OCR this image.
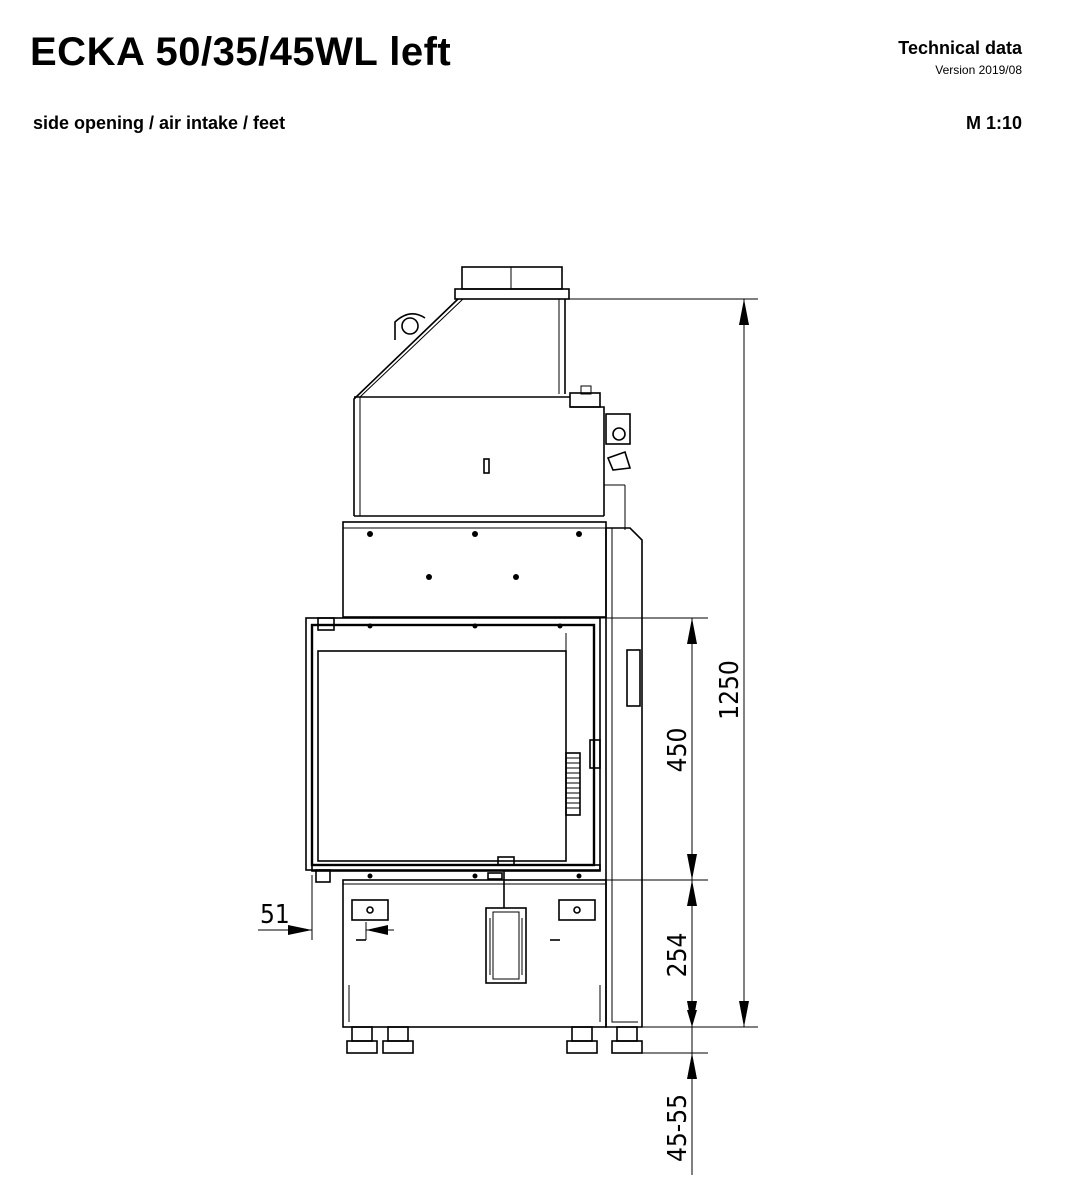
ECKA 50/35/45WL left

side opening / air intake / feet

Technical data
Version 2019/08
M 1:10
1250
450
254
45-55
51
